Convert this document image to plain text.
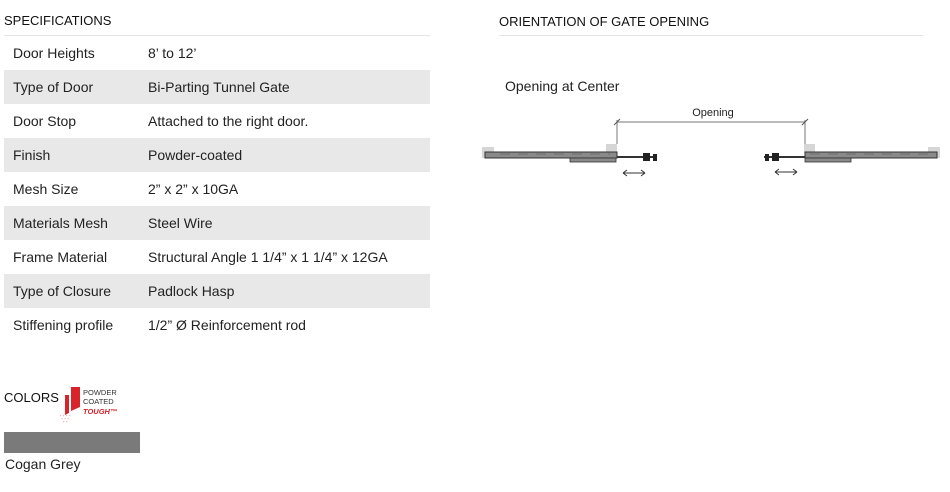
SPECIFICATIONS
Door Heights	8’ to 12’
Type of Door	Bi-Parting Tunnel Gate
Door Stop	Attached to the right door.
Finish	Powder-coated
Mesh Size	2” x 2” x 10GA
Materials Mesh	Steel Wire
Frame Material	Structural Angle 1 1/4” x 1 1/4” x 12GA
Type of Closure	Padlock Hasp
Stiffening profile	1/2” Ø Reinforcement rod
ORIENTATION OF GATE OPENING
Opening at Center
Opening
COLORS	POWDER
COATED
TOUGH™
Cogan Grey
